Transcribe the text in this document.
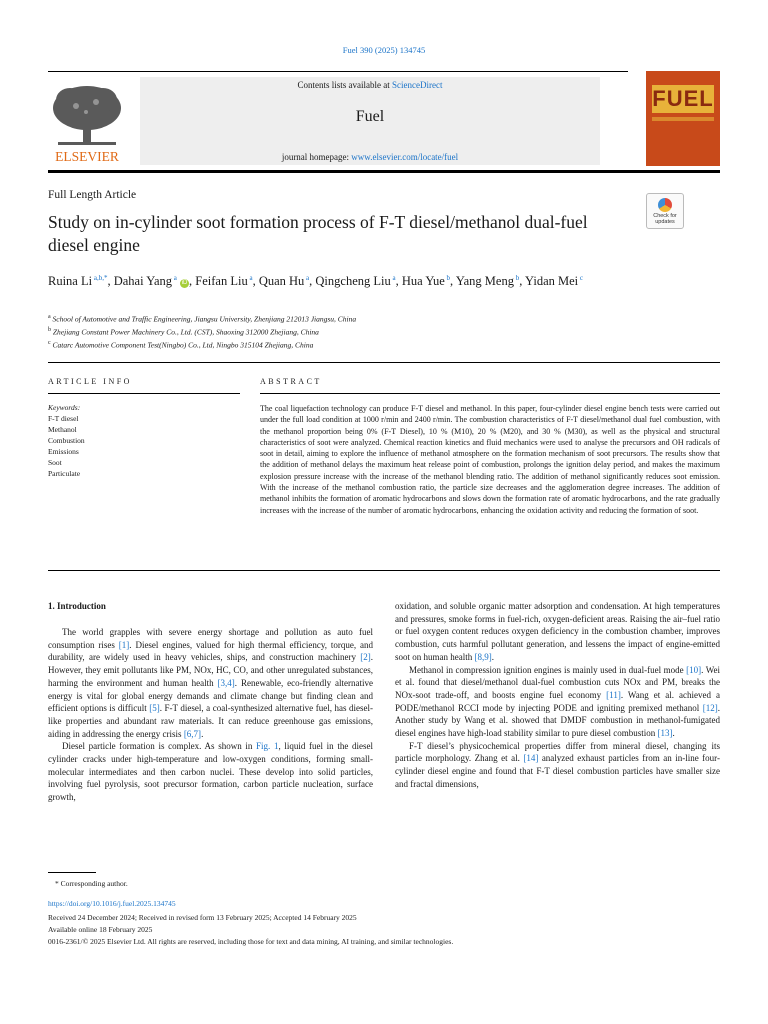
Fuel 390 (2025) 134745
ELSEVIER
Contents lists available at ScienceDirect
Fuel
journal homepage: www.elsevier.com/locate/fuel
FUEL
Full Length Article
Study on in-cylinder soot formation process of F-T diesel/methanol dual-fuel diesel engine
Check for
updates
Ruina Li $^{a,b,*}$, Dahai Yang $^a$ iD , Feifan Liu $^a$, Quan Hu $^a$, Qingcheng Liu $^a$, Hua Yue $^b$, Yang Meng $^b$, Yidan Mei $^c$
$^a$ School of Automotive and Traffic Engineering, Jiangsu University, Zhenjiang 212013 Jiangsu, China
$^b$ Zhejiang Constant Power Machinery Co., Ltd. (CST), Shaoxing 312000 Zhejiang, China
$^c$ Catarc Automotive Component Test(Ningbo) Co., Ltd, Ningbo 315104 Zhejiang, China
ARTICLE INFO	ABSTRACT
Keywords:
F-T diesel
Methanol
Combustion
Emissions
Soot
Particulate
The coal liquefaction technology can produce F-T diesel and methanol. In this paper, four-cylinder diesel engine bench tests were carried out under the full load condition at 1000 r/min and 2400 r/min. The combustion characteristics of F-T diesel/methanol dual fuel combustion, with the methanol proportion being 0% (F-T Diesel), 10 % (M10), 20 % (M20), and 30 % (M30), as well as the physical and structural characteristics of soot were analyzed. Chemical reaction kinetics and fluid mechanics were used to analyse the precursors and OH radicals of soot in detail, aiming to explore the influence of methanol atmosphere on the formation mechanism of soot precursors. The results show that the addition of methanol delays the maximum heat release point of combustion, prolongs the ignition delay period, and makes the maximum explosion pressure increase with the increase of the methanol blending ratio. The addition of methanol significantly reduces soot emission. With the increase of the methanol combustion ratio, the particle size decreases and the agglomeration degree increases. The addition of methanol inhibits the formation of aromatic hydrocarbons and slows down the formation rate of aromatic hydrocarbons, and the rate gradually increases with the increase of the number of aromatic hydrocarbons, enhancing the oxidation activity and reducing the formation of soot.
1. Introduction

The world grapples with severe energy shortage and pollution as auto fuel consumption rises [1]. Diesel engines, valued for high thermal efficiency, torque, and durability, are widely used in heavy vehicles, ships, and construction machinery [2]. However, they emit pollutants like PM, NOx, HC, CO, and other unregulated substances, harming the environment and human health [3,4]. Renewable, eco-friendly alternative energy is vital for global energy demands and climate change but finding clean and efficient options is difficult [5]. F-T diesel, a coal-synthesized alternative fuel, has diesel-like properties and abundant raw materials. It can reduce greenhouse gas emissions, aiding in addressing the energy crisis [6,7].

Diesel particle formation is complex. As shown in Fig. 1, liquid fuel in the diesel cylinder cracks under high-temperature and low-oxygen conditions, forming small-molecular intermediates and then carbon nuclei. These develop into solid particles, involving fuel pyrolysis, soot precursor formation, carbon particle nucleation, surface growth,

oxidation, and soluble organic matter adsorption and condensation. At high temperatures and pressures, smoke forms in fuel-rich, oxygen-deficient areas. Raising the air–fuel ratio or fuel oxygen content reduces oxygen deficiency in the combustion chamber, improves combustion, cuts harmful pollutant generation, and lessens the impact of engine-emitted soot on human health [8,9].

Methanol in compression ignition engines is mainly used in dual-fuel mode [10]. Wei et al. found that diesel/methanol dual-fuel combustion cuts NOx and PM, breaks the NOx-soot trade-off, and boosts engine fuel economy [11]. Wang et al. achieved a PODE/methanol RCCI mode by injecting PODE and igniting premixed methanol [12]. Another study by Wang et al. showed that DMDF combustion in methanol-fumigated diesel engines have high-load stability similar to pure diesel combustion [13].

F-T diesel’s physicochemical properties differ from mineral diesel, changing its particle morphology. Zhang et al. [14] analyzed exhaust particles from an in-line four-cylinder diesel engine and found that F-T diesel combustion particles have smaller size and fractal dimensions,

* Corresponding author.
https://doi.org/10.1016/j.fuel.2025.134745
Received 24 December 2024; Received in revised form 13 February 2025; Accepted 14 February 2025
Available online 18 February 2025
0016-2361/© 2025 Elsevier Ltd. All rights are reserved, including those for text and data mining, AI training, and similar technologies.
